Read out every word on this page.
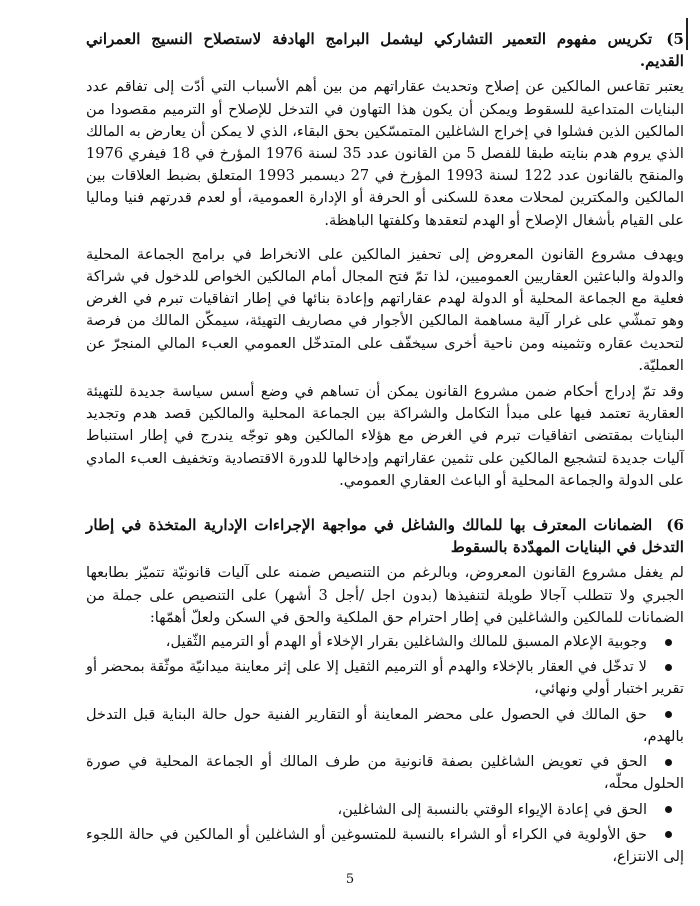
5)تكريس مفهوم التعمير التشاركي ليشمل البرامج الهادفة لاستصلاح النسيج العمراني القديم.

يعتبر تقاعس المالكين عن إصلاح وتحديث عقاراتهم من بين أهم الأسباب التي أدّت إلى تفاقم عدد البنايات المتداعية للسقوط ويمكن أن يكون هذا التهاون في التدخل للإصلاح أو الترميم مقصودا من المالكين الذين فشلوا في إخراج الشاغلين المتمسّكين بحق البقاء، الذي لا يمكن أن يعارض به المالك الذي يروم هدم بنايته طبقا للفصل 5 من القانون عدد 35 لسنة 1976 المؤرخ في 18 فيفري 1976 والمنقح بالقانون عدد 122 لسنة 1993 المؤرخ في 27 ديسمبر 1993 المتعلق بضبط العلاقات بين المالكين والمكترين لمحلات معدة للسكنى أو الحرفة أو الإدارة العمومية، أو لعدم قدرتهم فنيا وماليا على القيام بأشغال الإصلاح أو الهدم لتعقدها وكلفتها الباهظة.

ويهدف مشروع القانون المعروض إلى تحفيز المالكين على الانخراط في برامج الجماعة المحلية والدولة والباعثين العقاريين العموميين، لذا تمّ فتح المجال أمام المالكين الخواص للدخول في شراكة فعلية مع الجماعة المحلية أو الدولة لهدم عقاراتهم وإعادة بنائها في إطار اتفاقيات تبرم في الغرض وهو تمشّي على غرار آلية مساهمة المالكين الأجوار في مصاريف التهيئة، سيمكّن المالك من فرصة لتحديث عقاره وتثمينه ومن ناحية أخرى سيخفّف على المتدخّل العمومي العبء المالي المنجرّ عن العمليّة.

وقد تمّ إدراج أحكام ضمن مشروع القانون يمكن أن تساهم في وضع أسس سياسة جديدة للتهيئة العقارية تعتمد فيها على مبدأ التكامل والشراكة بين الجماعة المحلية والمالكين قصد هدم وتجديد البنايات بمقتضى اتفاقيات تبرم في الغرض مع هؤلاء المالكين وهو توجّه يندرج في إطار استنباط آليات جديدة لتشجيع المالكين على تثمين عقاراتهم وإدخالها للدورة الاقتصادية وتخفيف العبء المادي على الدولة والجماعة المحلية أو الباعث العقاري العمومي.

6)الضمانات المعترف بها للمالك والشاغل في مواجهة الإجراءات الإدارية المتخذة في إطار التدخل في البنايات المهدّدة بالسقوط

لم يغفل مشروع القانون المعروض، وبالرغم من التنصيص ضمنه على آليات قانونيّة تتميّز بطابعها الجبري ولا تتطلب آجالا طويلة لتنفيذها (بدون اجل /أجل 3 أشهر) على التنصيص على جملة من الضمانات للمالكين والشاغلين في إطار احترام حق الملكية والحق في السكن ولعلّ أهمّها:

وجوبية الإعلام المسبق للمالك والشاغلين بقرار الإخلاء أو الهدم أو الترميم الثّقيل،
لا تدخّل في العقار بالإخلاء والهدم أو الترميم الثقيل إلا على إثر معاينة ميدانيّة موثّقة بمحضر أو تقرير اختبار أولي ونهائي،
حق المالك في الحصول على محضر المعاينة أو التقارير الفنية حول حالة البناية قبل التدخل بالهدم،
الحق في تعويض الشاغلين بصفة قانونية من طرف المالك أو الجماعة المحلية في صورة الحلول محلّه،
الحق في إعادة الإيواء الوقتي بالنسبة إلى الشاغلين،
حق الأولوية في الكراء أو الشراء بالنسبة للمتسوغين أو الشاغلين أو المالكين في حالة اللجوء إلى الانتزاع،
5
